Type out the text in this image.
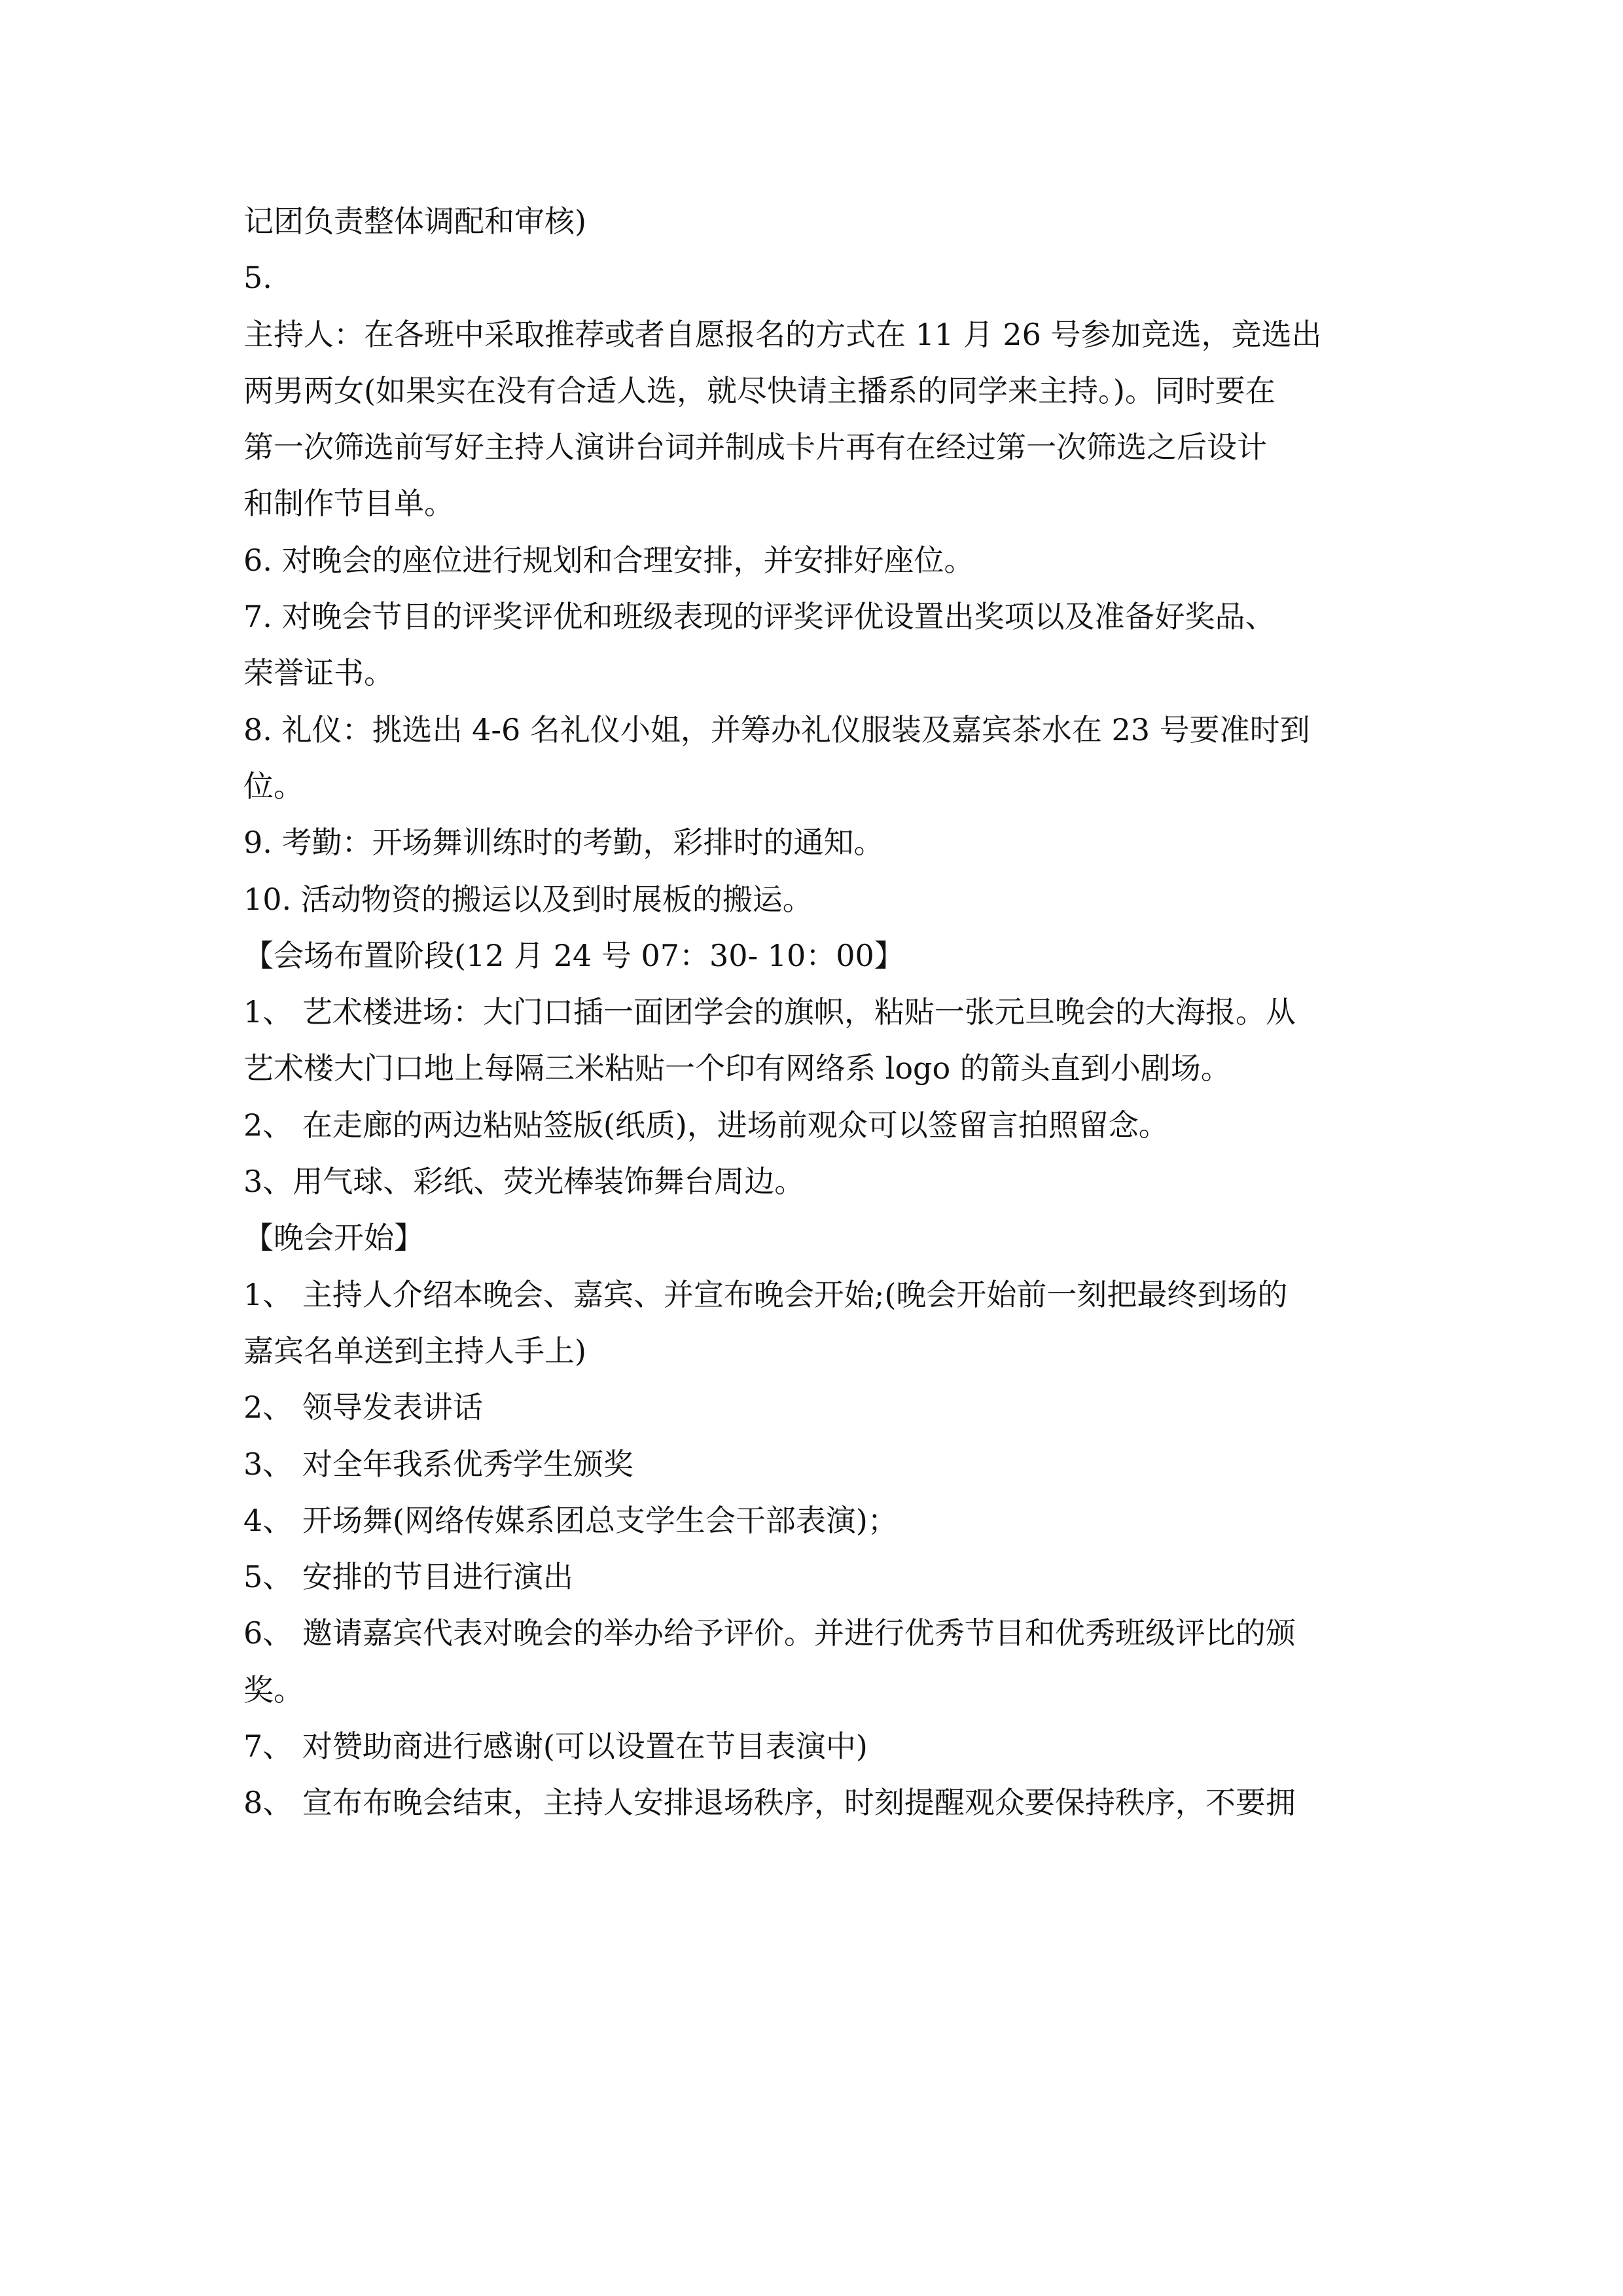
记团负责整体调配和审核)
5.
主持人：在各班中采取推荐或者自愿报名的方式在 11 月 26 号参加竞选，竞选出
两男两女(如果实在没有合适人选，就尽快请主播系的同学来主持。)。同时要在
第一次筛选前写好主持人演讲台词并制成卡片再有在经过第一次筛选之后设计
和制作节目单。
6. 对晚会的座位进行规划和合理安排，并安排好座位。
7. 对晚会节目的评奖评优和班级表现的评奖评优设置出奖项以及准备好奖品、
荣誉证书。
8. 礼仪：挑选出 4-6 名礼仪小姐，并筹办礼仪服装及嘉宾茶水在 23 号要准时到
位。
9. 考勤：开场舞训练时的考勤，彩排时的通知。
10. 活动物资的搬运以及到时展板的搬运。
【会场布置阶段(12 月 24 号 07：30- 10：00】
1、 艺术楼进场：大门口插一面团学会的旗帜，粘贴一张元旦晚会的大海报。从
艺术楼大门口地上每隔三米粘贴一个印有网络系 logo 的箭头直到小剧场。
2、 在走廊的两边粘贴签版(纸质)，进场前观众可以签留言拍照留念。
3、用气球、彩纸、荧光棒装饰舞台周边。
【晚会开始】
1、 主持人介绍本晚会、嘉宾、并宣布晚会开始;(晚会开始前一刻把最终到场的
嘉宾名单送到主持人手上)
2、 领导发表讲话
3、 对全年我系优秀学生颁奖
4、 开场舞(网络传媒系团总支学生会干部表演)；
5、 安排的节目进行演出
6、 邀请嘉宾代表对晚会的举办给予评价。并进行优秀节目和优秀班级评比的颁
奖。
7、 对赞助商进行感谢(可以设置在节目表演中)
8、 宣布布晚会结束，主持人安排退场秩序，时刻提醒观众要保持秩序，不要拥
